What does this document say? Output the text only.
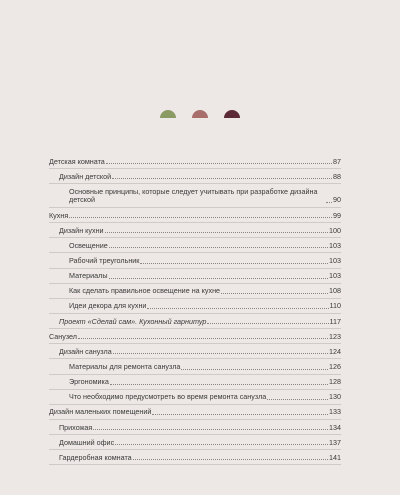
Детская комната	87
Дизайн детской	88
Основные принципы, которые следует учитывать при разработке дизайна детской	90
Кухня	99
Дизайн кухни	100
Освещение	103
Рабочий треугольник	103
Материалы	103
Как сделать правильное освещение на кухне	108
Идеи декора для кухни	110
Проект «Сделай сам». Кухонный гарнитур	117
Санузел	123
Дизайн санузла	124
Материалы для ремонта санузла	126
Эргономика	128
Что необходимо предусмотреть во время ремонта санузла	130
Дизайн маленьких помещений	133
Прихожая	134
Домашний офис	137
Гардеробная комната	141
